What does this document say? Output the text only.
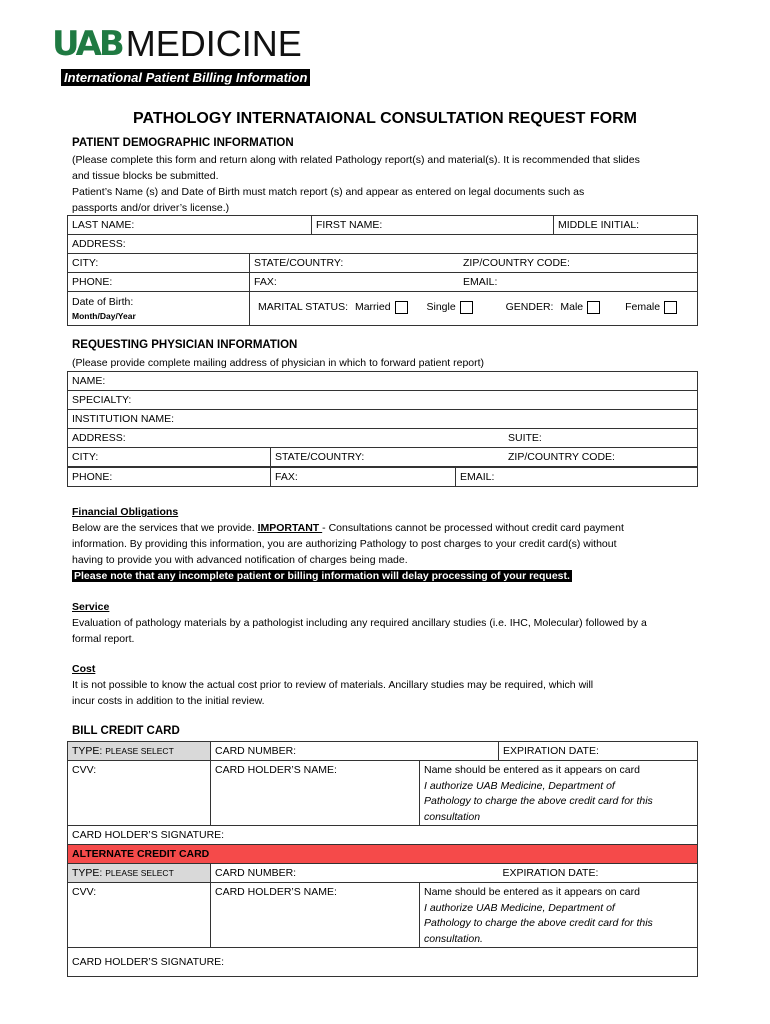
UAB MEDICINE
International Patient Billing Information
PATHOLOGY INTERNATAIONAL CONSULTATION REQUEST FORM
PATIENT DEMOGRAPHIC INFORMATION
(Please complete this form and return along with related Pathology report(s) and material(s). It is recommended that slides
and tissue blocks be submitted.
Patient’s Name (s) and Date of Birth must match report (s) and appear as entered on legal documents such as
passports and/or driver’s license.)
LAST NAME:	FIRST NAME:	MIDDLE INITIAL:
ADDRESS:
CITY:	STATE/COUNTRY:	ZIP/COUNTRY CODE:
PHONE:	FAX:	EMAIL:

Date of Birth:
Month/Day/Year	MARITAL STATUS: Married Single GENDER: Male Female	
REQUESTING PHYSICIAN INFORMATION
(Please provide complete mailing address of physician in which to forward patient report)
NAME:		
SPECIALTY:		
INSTITUTION NAME:		
ADDRESS:		SUITE:
CITY:	STATE/COUNTRY:	ZIP/COUNTRY CODE:
PHONE:	FAX:	EMAIL:
Financial Obligations
Below are the services that we provide. IMPORTANT - Consultations cannot be processed without credit card payment
information. By providing this information, you are authorizing Pathology to post charges to your credit card(s) without
having to provide you with advanced notification of charges being made.
Please note that any incomplete patient or billing information will delay processing of your request.
Service
Evaluation of pathology materials by a pathologist including any required ancillary studies (i.e. IHC, Molecular) followed by a
formal report.
Cost
It is not possible to know the actual cost prior to review of materials. Ancillary studies may be required, which will
incur costs in addition to the initial review.
BILL CREDIT CARD
TYPE: PLEASE SELECT	CARD NUMBER:		EXPIRATION DATE:
CVV:	CARD HOLDER’S NAME:	Name should be entered as it appears on card
I authorize UAB Medicine, Department of
Pathology to charge the above credit card for this
consultation	

CARD HOLDER’S SIGNATURE:			
ALTERNATE CREDIT CARD			
TYPE: PLEASE SELECT	CARD NUMBER:		EXPIRATION DATE:
CVV:	CARD HOLDER’S NAME:	Name should be entered as it appears on card
I authorize UAB Medicine, Department of
Pathology to charge the above credit card for this
consultation.	

CARD HOLDER’S SIGNATURE:			
